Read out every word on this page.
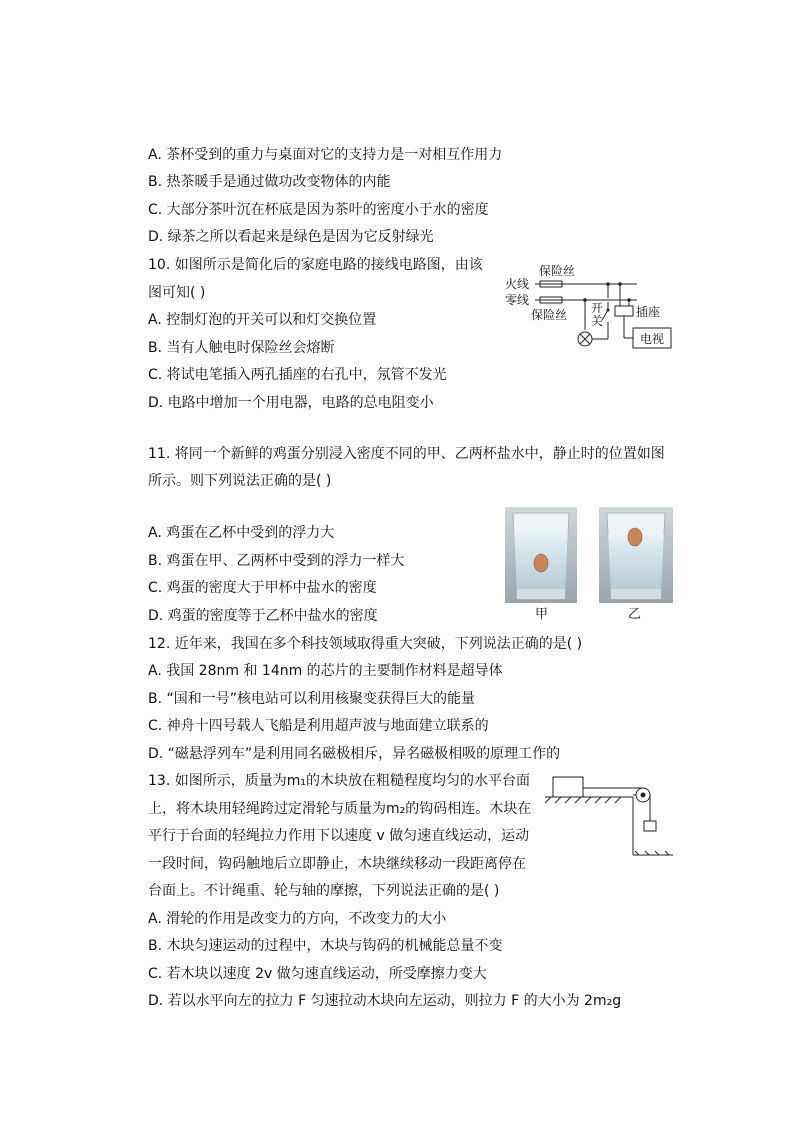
A. 茶杯受到的重力与桌面对它的支持力是一对相互作用力
B. 热茶暖手是通过做功改变物体的内能
C. 大部分茶叶沉在杯底是因为茶叶的密度小于水的密度
D. 绿茶之所以看起来是绿色是因为它反射绿光
10. 如图所示是简化后的家庭电路的接线电路图，由该
图可知( )
A. 控制灯泡的开关可以和灯交换位置
B. 当有人触电时保险丝会熔断
C. 将试电笔插入两孔插座的右孔中，氖管不发光
D. 电路中增加一个用电器，电路的总电阻变小
火线
零线
保险丝
保险丝 开关
插座
电视
11. 将同一个新鲜的鸡蛋分别浸入密度不同的甲、乙两杯盐水中，静止时的位置如图
所示。则下列说法正确的是( )
A. 鸡蛋在乙杯中受到的浮力大
B. 鸡蛋在甲、乙两杯中受到的浮力一样大
C. 鸡蛋的密度大于甲杯中盐水的密度
D. 鸡蛋的密度等于乙杯中盐水的密度	甲	乙
12. 近年来，我国在多个科技领域取得重大突破，下列说法正确的是( )
A. 我国 28nm 和 14nm 的芯片的主要制作材料是超导体
B. “国和一号”核电站可以利用核聚变获得巨大的能量
C. 神舟十四号载人飞船是利用超声波与地面建立联系的
D. “磁悬浮列车”是利用同名磁极相斥，异名磁极相吸的原理工作的
13. 如图所示，质量为m₁的木块放在粗糙程度均匀的水平台面
上，将木块用轻绳跨过定滑轮与质量为m₂的钩码相连。木块在
平行于台面的轻绳拉力作用下以速度 v 做匀速直线运动，运动
一段时间，钩码触地后立即静止，木块继续移动一段距离停在
台面上。不计绳重、轮与轴的摩擦，下列说法正确的是( )
A. 滑轮的作用是改变力的方向，不改变力的大小
B. 木块匀速运动的过程中，木块与钩码的机械能总量不变
C. 若木块以速度 2v 做匀速直线运动，所受摩擦力变大
D. 若以水平向左的拉力 F 匀速拉动木块向左运动，则拉力 F 的大小为 2m₂g
